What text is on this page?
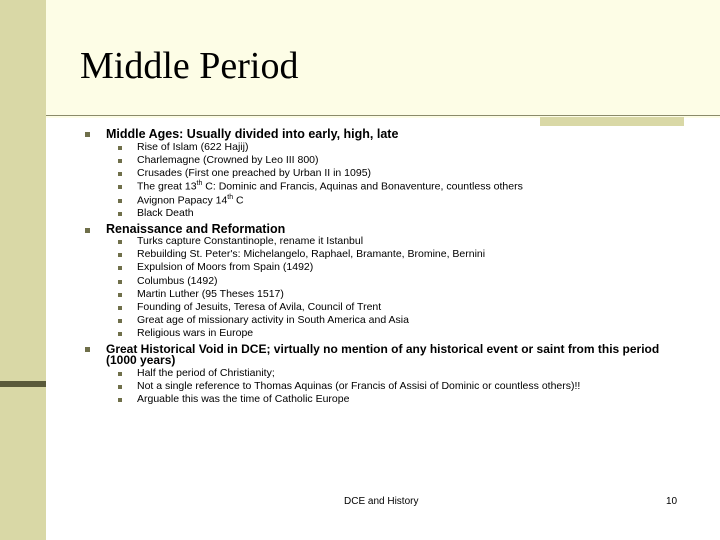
Middle Period
Middle Ages: Usually divided into early, high, late
Rise of Islam (622 Hajij)
Charlemagne (Crowned by Leo III 800)
Crusades (First one preached by Urban II in 1095)
The great 13th C: Dominic and Francis, Aquinas and Bonaventure, countless others
Avignon Papacy 14th C
Black Death
Renaissance and Reformation
Turks capture Constantinople, rename it Istanbul
Rebuilding St. Peter's: Michelangelo, Raphael, Bramante, Bromine, Bernini
Expulsion of Moors from Spain (1492)
Columbus (1492)
Martin Luther (95 Theses 1517)
Founding of Jesuits, Teresa of Avila, Council of Trent
Great age of missionary activity in South America and Asia
Religious wars in Europe
Great Historical Void in DCE; virtually no mention of any historical event or saint from this period
(1000 years)
Half the period of Christianity;
Not a single reference to Thomas Aquinas (or Francis of Assisi of Dominic or countless others)!!
Arguable this was the time of Catholic Europe
DCE and History	10
